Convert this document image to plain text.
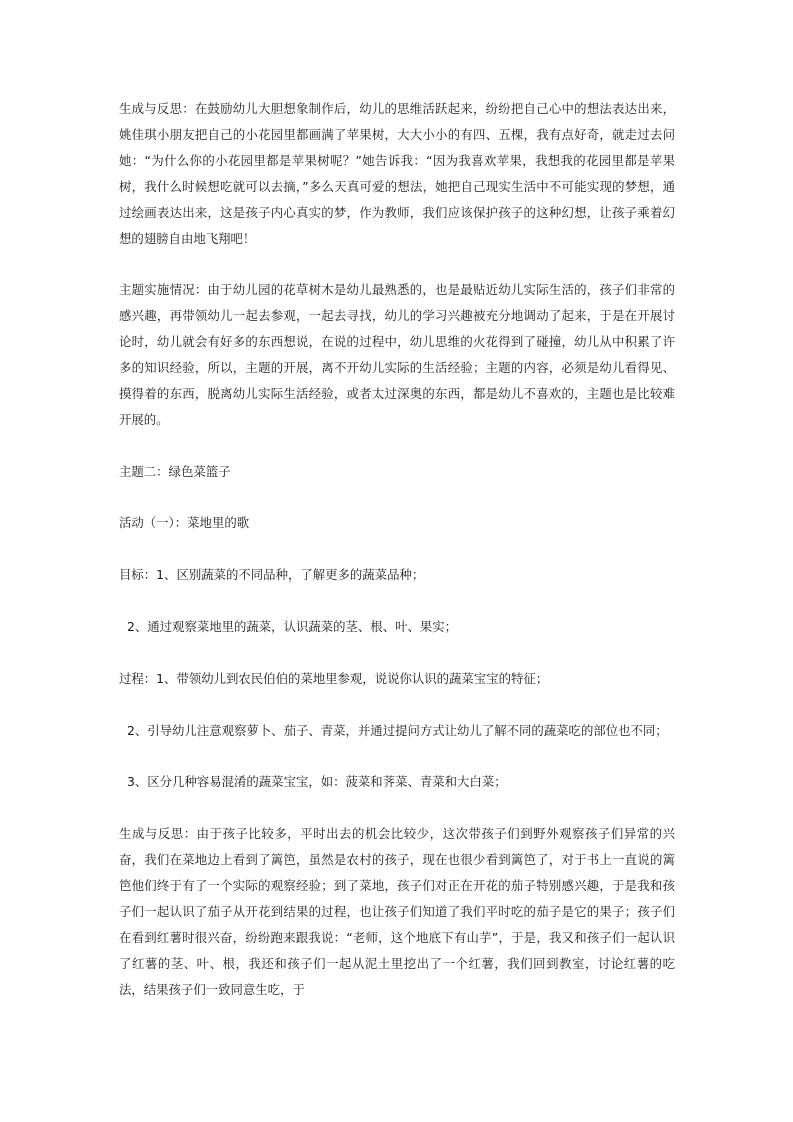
生成与反思：在鼓励幼儿大胆想象制作后，幼儿的思维活跃起来，纷纷把自己心中的想法表达出来，姚佳琪小朋友把自己的小花园里都画满了苹果树，大大小小的有四、五棵，我有点好奇，就走过去问她：“为什么你的小花园里都是苹果树呢？”她告诉我：“因为我喜欢苹果，我想我的花园里都是苹果树，我什么时候想吃就可以去摘，”多么天真可爱的想法，她把自己现实生活中不可能实现的梦想，通过绘画表达出来，这是孩子内心真实的梦，作为教师，我们应该保护孩子的这种幻想，让孩子乘着幻想的翅膀自由地飞翔吧！

主题实施情况：由于幼儿园的花草树木是幼儿最熟悉的，也是最贴近幼儿实际生活的，孩子们非常的感兴趣，再带领幼儿一起去参观，一起去寻找，幼儿的学习兴趣被充分地调动了起来，于是在开展讨论时，幼儿就会有好多的东西想说，在说的过程中，幼儿思维的火花得到了碰撞，幼儿从中积累了许多的知识经验，所以，主题的开展，离不开幼儿实际的生活经验；主题的内容，必须是幼儿看得见、摸得着的东西，脱离幼儿实际生活经验，或者太过深奥的东西，都是幼儿不喜欢的，主题也是比较难开展的。

主题二：绿色菜篮子

活动（一）：菜地里的歌

目标：1、区别蔬菜的不同品种，了解更多的蔬菜品种；

2、通过观察菜地里的蔬菜，认识蔬菜的茎、根、叶、果实；

过程：1、带领幼儿到农民伯伯的菜地里参观，说说你认识的蔬菜宝宝的特征；

2、引导幼儿注意观察萝卜、茄子、青菜，并通过提问方式让幼儿了解不同的蔬菜吃的部位也不同；

3、区分几种容易混淆的蔬菜宝宝，如：菠菜和荠菜、青菜和大白菜；

生成与反思：由于孩子比较多，平时出去的机会比较少，这次带孩子们到野外观察孩子们异常的兴奋，我们在菜地边上看到了篱笆，虽然是农村的孩子，现在也很少看到篱笆了，对于书上一直说的篱笆他们终于有了一个实际的观察经验；到了菜地，孩子们对正在开花的茄子特别感兴趣，于是我和孩子们一起认识了茄子从开花到结果的过程，也让孩子们知道了我们平时吃的茄子是它的果子；孩子们在看到红薯时很兴奋，纷纷跑来跟我说：“老师，这个地底下有山芋”，于是，我又和孩子们一起认识了红薯的茎、叶、根，我还和孩子们一起从泥土里挖出了一个红薯，我们回到教室，讨论红薯的吃法，结果孩子们一致同意生吃，于
